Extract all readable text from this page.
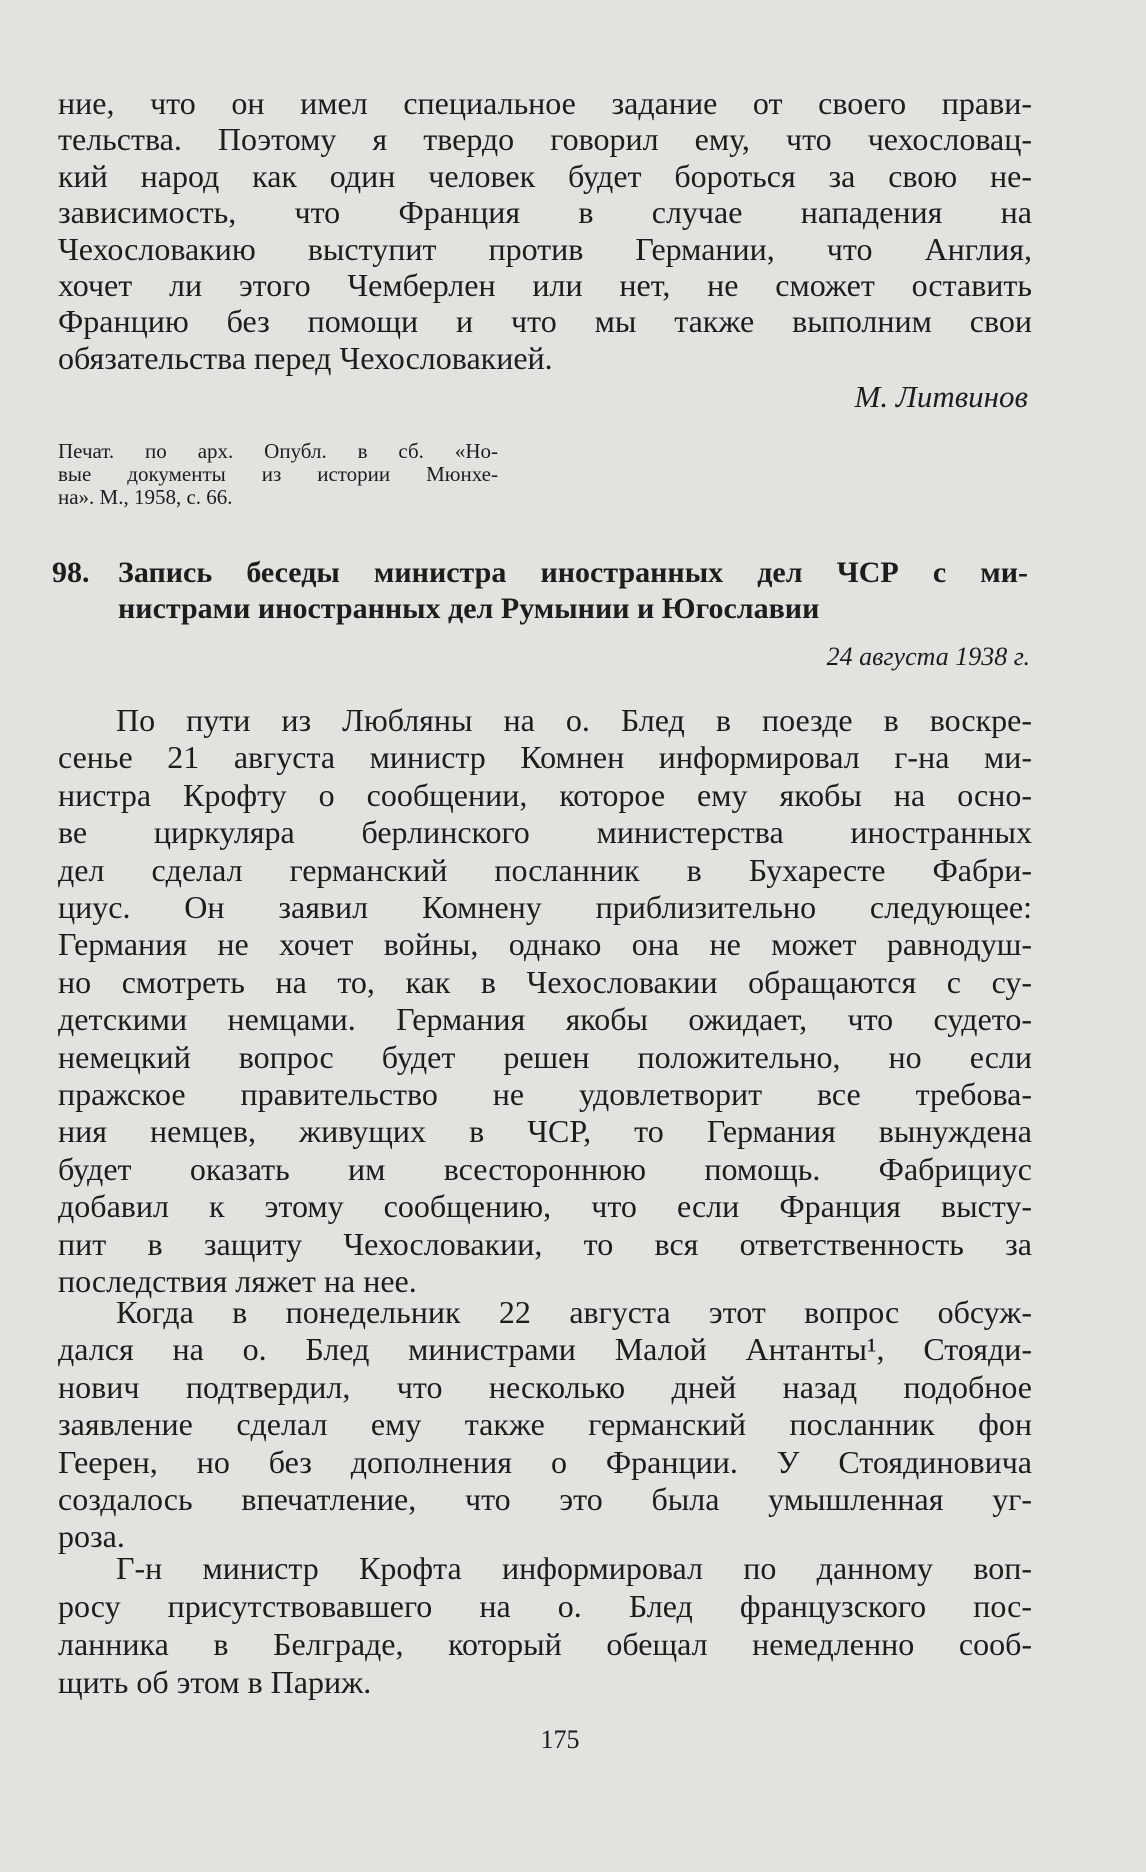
ние, что он имел специальное задание от своего прави-
тельства. Поэтому я твердо говорил ему, что чехословац-
кий народ как один человек будет бороться за свою не-
зависимость, что Франция в случае нападения на
Чехословакию выступит против Германии, что Англия,
хочет ли этого Чемберлен или нет, не сможет оставить
Францию без помощи и что мы также выполним свои
обязательства перед Чехословакией.
М. Литвинов
Печат. по арх. Опубл. в сб. «Но-
вые документы из истории Мюнхе-
на». М., 1958, с. 66.
98. Запись беседы министра иностранных дел ЧСР с ми-
нистрами иностранных дел Румынии и Югославии
24 августа 1938 г.
По пути из Любляны на о. Блед в поезде в воскре-
сенье 21 августа министр Комнен информировал г-на ми-
нистра Крофту о сообщении, которое ему якобы на осно-
ве циркуляра берлинского министерства иностранных
дел сделал германский посланник в Бухаресте Фабри-
циус. Он заявил Комнену приблизительно следующее:
Германия не хочет войны, однако она не может равнодуш-
но смотреть на то, как в Чехословакии обращаются с су-
детскими немцами. Германия якобы ожидает, что судето-
немецкий вопрос будет решен положительно, но если
пражское правительство не удовлетворит все требова-
ния немцев, живущих в ЧСР, то Германия вынуждена
будет оказать им всестороннюю помощь. Фабрициус
добавил к этому сообщению, что если Франция высту-
пит в защиту Чехословакии, то вся ответственность за
последствия ляжет на нее.
Когда в понедельник 22 августа этот вопрос обсуж-
дался на о. Блед министрами Малой Антанты¹, Стояди-
нович подтвердил, что несколько дней назад подобное
заявление сделал ему также германский посланник фон
Геерен, но без дополнения о Франции. У Стоядиновича
создалось впечатление, что это была умышленная уг-
роза.
Г-н министр Крофта информировал по данному воп-
росу присутствовавшего на о. Блед французского пос-
ланника в Белграде, который обещал немедленно сооб-
щить об этом в Париж.
175
